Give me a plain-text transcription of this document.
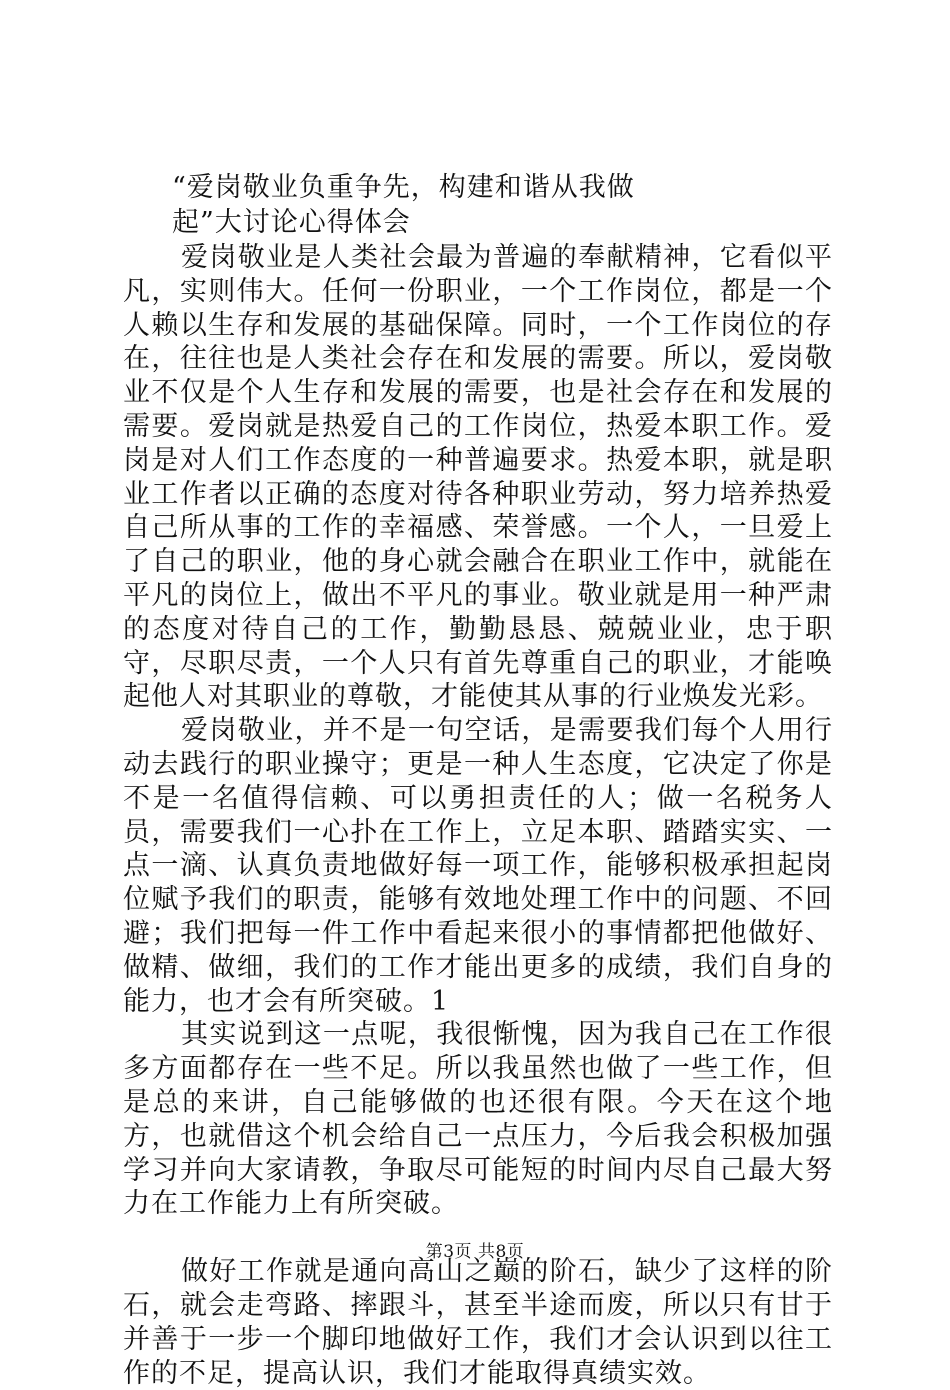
“爱岗敬业负重争先，构建和谐从我做
起”大讨论心得体会

爱岗敬业是人类社会最为普遍的奉献精神，它看似平凡，实则伟大。任何一份职业，一个工作岗位，都是一个人赖以生存和发展的基础保障。同时，一个工作岗位的存在，往往也是人类社会存在和发展的需要。所以，爱岗敬业不仅是个人生存和发展的需要，也是社会存在和发展的需要。爱岗就是热爱自己的工作岗位，热爱本职工作。爱岗是对人们工作态度的一种普遍要求。热爱本职，就是职业工作者以正确的态度对待各种职业劳动，努力培养热爱自己所从事的工作的幸福感、荣誉感。一个人，一旦爱上了自己的职业，他的身心就会融合在职业工作中，就能在平凡的岗位上，做出不平凡的事业。敬业就是用一种严肃的态度对待自己的工作，勤勤恳恳、兢兢业业，忠于职守，尽职尽责，一个人只有首先尊重自己的职业，才能唤起他人对其职业的尊敬，才能使其从事的行业焕发光彩。

爱岗敬业，并不是一句空话，是需要我们每个人用行动去践行的职业操守；更是一种人生态度，它决定了你是不是一名值得信赖、可以勇担责任的人；做一名税务人员，需要我们一心扑在工作上，立足本职、踏踏实实、一点一滴、认真负责地做好每一项工作，能够积极承担起岗位赋予我们的职责，能够有效地处理工作中的问题、不回避；我们把每一件工作中看起来很小的事情都把他做好、做精、做细，我们的工作才能出更多的成绩，我们自身的能力，也才会有所突破。1

其实说到这一点呢，我很惭愧，因为我自己在工作很多方面都存在一些不足。所以我虽然也做了一些工作，但是总的来讲，自己能够做的也还很有限。今天在这个地方，也就借这个机会给自己一点压力，今后我会积极加强学习并向大家请教，争取尽可能短的时间内尽自己最大努力在工作能力上有所突破。

做好工作就是通向高山之巅的阶石，缺少了这样的阶石，就会走弯路、摔跟斗，甚至半途而废，所以只有甘于并善于一步一个脚印地做好工作，我们才会认识到以往工作的不足，提高认识，我们才能取得真绩实效。

第3页 共8页
